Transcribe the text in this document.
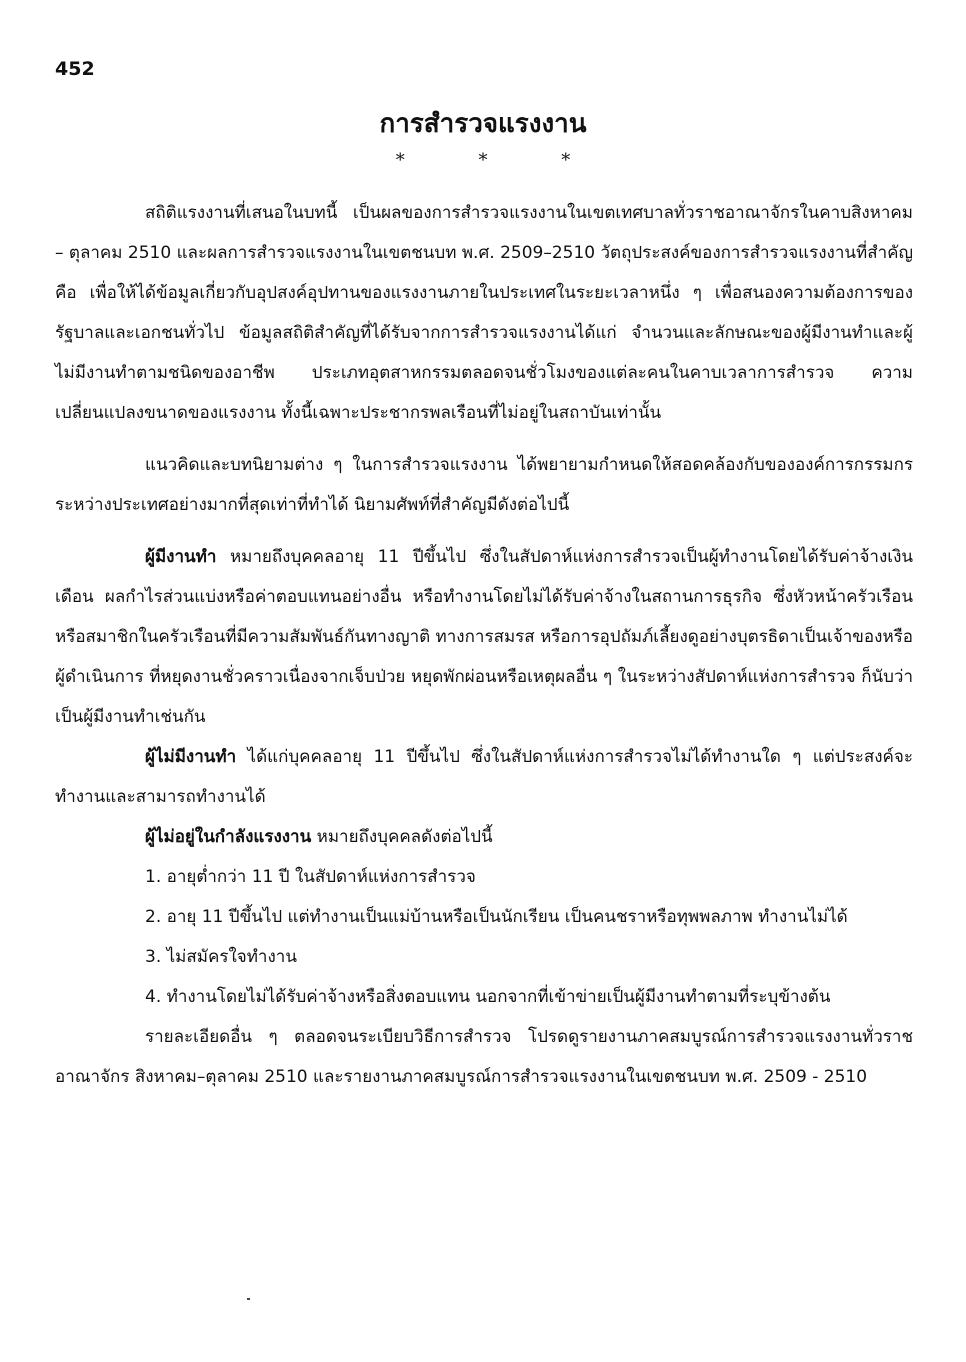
452
การสำรวจแรงงาน
* * *

สถิติแรงงานที่เสนอในบทนี้ เป็นผลของการสำรวจแรงงานในเขตเทศบาลทั่วราชอาณาจักรในคาบสิงหาคม – ตุลาคม 2510 และผลการสำรวจแรงงานในเขตชนบท พ.ศ. 2509–2510 วัตถุประสงค์ของการสำรวจแรงงานที่สำคัญคือ เพื่อให้ได้ข้อมูลเกี่ยวกับอุปสงค์อุปทานของแรงงานภายในประเทศในระยะเวลาหนึ่ง ๆ เพื่อสนองความต้องการของรัฐบาลและเอกชนทั่วไป ข้อมูลสถิติสำคัญที่ได้รับจากการสำรวจแรงงานได้แก่ จำนวนและลักษณะของผู้มีงานทำและผู้ไม่มีงานทำตามชนิดของอาชีพ ประเภทอุตสาหกรรมตลอดจนชั่วโมงของแต่ละคนในคาบเวลาการสำรวจ ความเปลี่ยนแปลงขนาดของแรงงาน ทั้งนี้เฉพาะประชากรพลเรือนที่ไม่อยู่ในสถาบันเท่านั้น

แนวคิดและบทนิยามต่าง ๆ ในการสำรวจแรงงาน ได้พยายามกำหนดให้สอดคล้องกับขององค์การกรรมกรระหว่างประเทศอย่างมากที่สุดเท่าที่ทำได้ นิยามศัพท์ที่สำคัญมีดังต่อไปนี้

ผู้มีงานทำ หมายถึงบุคคลอายุ 11 ปีขึ้นไป ซึ่งในสัปดาห์แห่งการสำรวจเป็นผู้ทำงานโดยได้รับค่าจ้างเงินเดือน ผลกำไรส่วนแบ่งหรือค่าตอบแทนอย่างอื่น หรือทำงานโดยไม่ได้รับค่าจ้างในสถานการธุรกิจ ซึ่งหัวหน้าครัวเรือนหรือสมาชิกในครัวเรือนที่มีความสัมพันธ์กันทางญาติ ทางการสมรส หรือการอุปถัมภ์เลี้ยงดูอย่างบุตรธิดาเป็นเจ้าของหรือผู้ดำเนินการ ที่หยุดงานชั่วคราวเนื่องจากเจ็บป่วย หยุดพักผ่อนหรือเหตุผลอื่น ๆ ในระหว่างสัปดาห์แห่งการสำรวจ ก็นับว่าเป็นผู้มีงานทำเช่นกัน

ผู้ไม่มีงานทำ ได้แก่บุคคลอายุ 11 ปีขึ้นไป ซึ่งในสัปดาห์แห่งการสำรวจไม่ได้ทำงานใด ๆ แต่ประสงค์จะทำงานและสามารถทำงานได้

ผู้ไม่อยู่ในกำลังแรงงาน หมายถึงบุคคลดังต่อไปนี้

1. อายุต่ำกว่า 11 ปี ในสัปดาห์แห่งการสำรวจ

2. อายุ 11 ปีขึ้นไป แต่ทำงานเป็นแม่บ้านหรือเป็นนักเรียน เป็นคนชราหรือทุพพลภาพ ทำงานไม่ได้

3. ไม่สมัครใจทำงาน

4. ทำงานโดยไม่ได้รับค่าจ้างหรือสิ่งตอบแทน นอกจากที่เข้าข่ายเป็นผู้มีงานทำตามที่ระบุข้างต้น

รายละเอียดอื่น ๆ ตลอดจนระเบียบวิธีการสำรวจ โปรดดูรายงานภาคสมบูรณ์การสำรวจแรงงานทั่วราชอาณาจักร สิงหาคม–ตุลาคม 2510 และรายงานภาคสมบูรณ์การสำรวจแรงงานในเขตชนบท พ.ศ. 2509 - 2510
